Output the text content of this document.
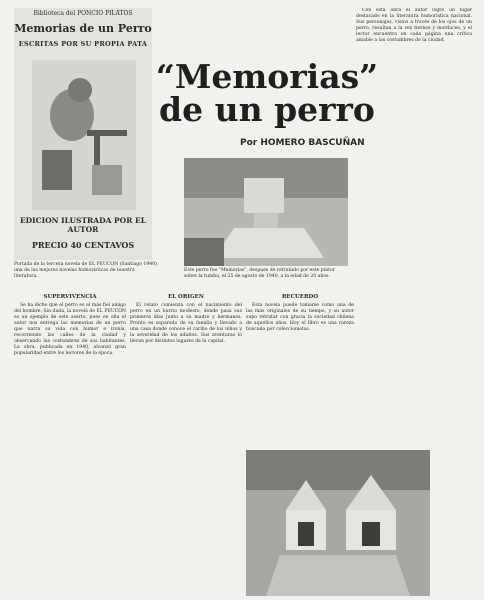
Biblioteca del PONCIO PILATOS
Memorias de un Perro
ESCRITAS POR SU PROPIA PATA
EDICION ILUSTRADA POR EL AUTOR
PRECIO 40 CENTAVOS
Portada de la tercera novela de EL PEUCON (Santiago 1940), una de las mejores novelas humorísticas de nuestra literatura.
“Memorias” de un perro
Por HOMERO BASCUÑAN
Este perro fue "Memorias", después de retratado por este pintor sobre la tumba, el 25 de agosto de 1940, a la edad de 20 años.

Con esta obra el autor logró un lugar destacado en la literatura humorística nacional. Sus personajes, vistos a través de los ojos de un perro, resultan a la vez tiernos y mordaces, y el lector encuentra en cada página una crítica amable a las costumbres de la ciudad.

SUPERVIVENCIA

Se ha dicho que el perro es el más fiel amigo del hombre. Sin duda, la novela de EL PEUCON es un ejemplo de este aserto, pues en ella el autor nos entrega las memorias de un perro que narra su vida con humor e ironía, recorriendo las calles de la ciudad y observando las costumbres de sus habitantes. La obra, publicada en 1940, alcanzó gran popularidad entre los lectores de la época.

EL ORIGEN

El relato comienza con el nacimiento del perro en un barrio modesto, donde pasa sus primeros días junto a su madre y hermanos. Pronto es separado de su familia y llevado a una casa donde conoce el cariño de los niños y la severidad de los adultos. Sus aventuras lo llevan por distintos lugares de la capital.

RECUERDO

Esta novela puede tomarse como una de las más originales de su tiempo, y su autor supo retratar con gracia la sociedad chilena de aquellos años. Hoy el libro es una rareza buscada por coleccionistas.
